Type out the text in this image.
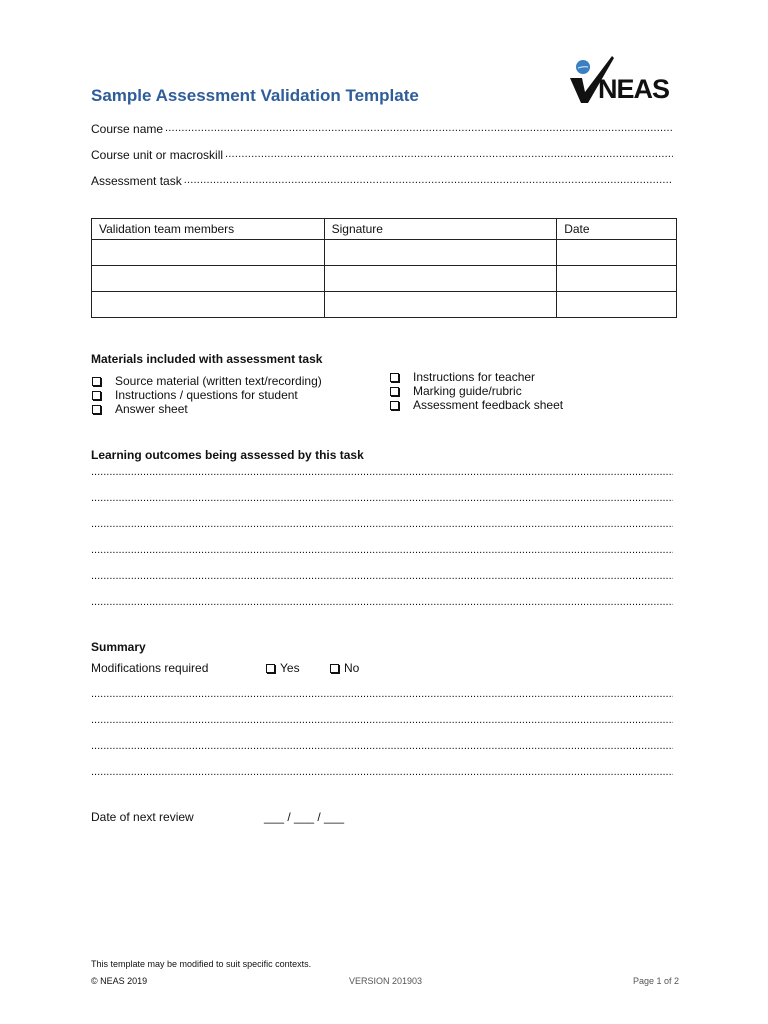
Sample Assessment Validation Template	NEAS
Course name
.....
Course unit or macroskill
.....
Assessment task
.....
Validation team members	Signature	Date

Materials included with assessment task
Source material (written text/recording)
Instructions / questions for student
Answer sheet
Instructions for teacher
Marking guide/rubric
Assessment feedback sheet
Learning outcomes being assessed by this task
.....
.....
.....
.....
.....
.....
Summary
Modifications required	Yes	No
.....
.....
.....
.....
Date of next review	___ / ___ / ___
This template may be modified to suit specific contexts.
© NEAS 2019	VERSION 201903	Page 1 of 2
